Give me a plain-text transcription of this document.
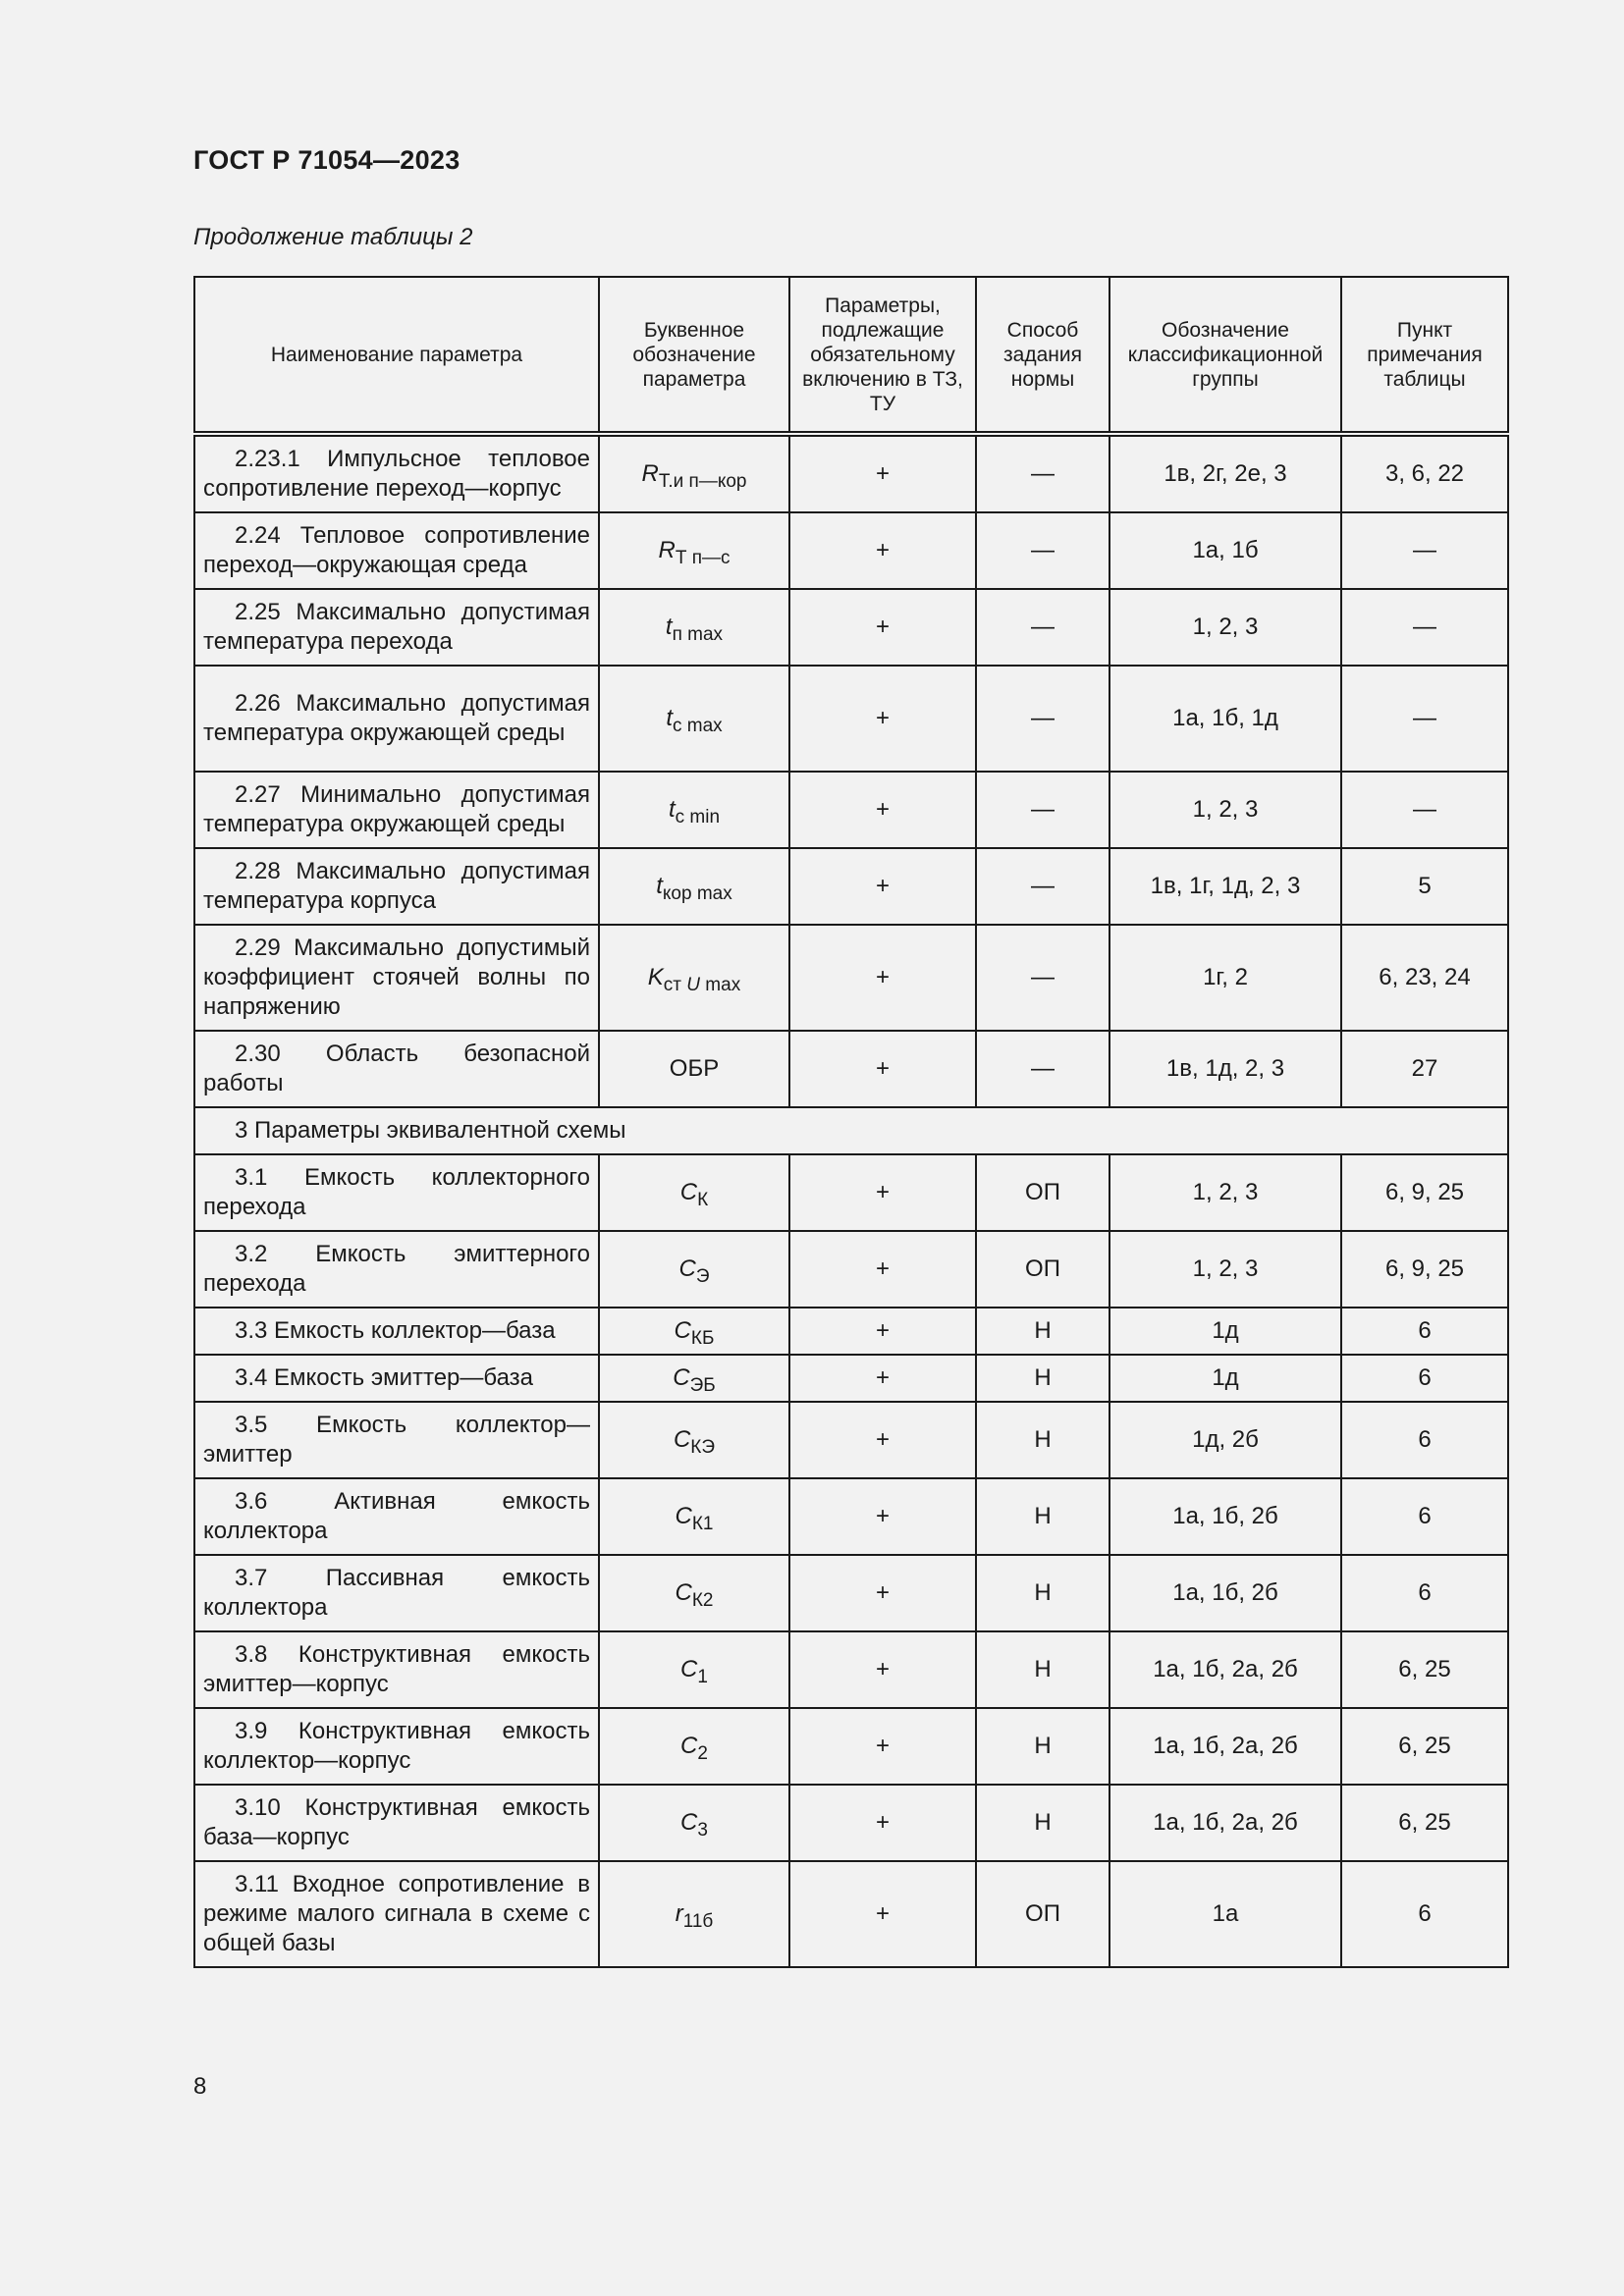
ГОСТ Р 71054—2023
Продолжение таблицы 2
Наименование параметра	Буквенное обозначение параметра	Параметры, подлежащие обязательному включению в ТЗ, ТУ	Способ задания нормы	Обозначение классификационной группы	Пункт примечания таблицы

2.23.1 Импульсное тепловое сопротивление переход—корпус	$R_{Т.и п—кор}$	+	—	1в, 2г, 2е, 3	3, 6, 22

2.24 Тепловое сопротивление переход—окружающая среда	$R_{Т п—с}$	+	—	1а, 1б	—

2.25 Максимально допустимая температура перехода	$t_{п max}$	+	—	1, 2, 3	—

2.26 Максимально допустимая температура окружающей среды	$t_{с max}$	+	—	1а, 1б, 1д	—

2.27 Минимально допустимая температура окружающей среды	$t_{с min}$	+	—	1, 2, 3	—

2.28 Максимально допустимая температура корпуса	$t_{кор max}$	+	—	1в, 1г, 1д, 2, 3	5

2.29 Максимально допустимый коэффициент стоячей волны по напряжению	$K_{ст U max}$	+	—	1г, 2	6, 23, 24

2.30 Область безопасной работы	ОБР	+	—	1в, 1д, 2, 3	27
3 Параметры эквивалентной схемы					

3.1 Емкость коллекторного перехода	$C_К$	+	ОП	1, 2, 3	6, 9, 25

3.2 Емкость эмиттерного перехода	$C_Э$	+	ОП	1, 2, 3	6, 9, 25

3.3 Емкость коллектор—база	$C_{КБ}$	+	Н	1д	6

3.4 Емкость эмиттер—база	$C_{ЭБ}$	+	Н	1д	6

3.5 Емкость коллектор—эмиттер	$C_{КЭ}$	+	Н	1д, 2б	6

3.6 Активная емкость коллектора	$C_{К1}$	+	Н	1а, 1б, 2б	6

3.7 Пассивная емкость коллектора	$C_{К2}$	+	Н	1а, 1б, 2б	6

3.8 Конструктивная емкость эмиттер—корпус	$C_1$	+	Н	1а, 1б, 2а, 2б	6, 25

3.9 Конструктивная емкость коллектор—корпус	$C_2$	+	Н	1а, 1б, 2а, 2б	6, 25

3.10 Конструктивная емкость база—корпус	$C_3$	+	Н	1а, 1б, 2а, 2б	6, 25

3.11 Входное сопротивление в режиме малого сигнала в схеме с общей базы	$r_{11б}$	+	ОП	1а	6
8
